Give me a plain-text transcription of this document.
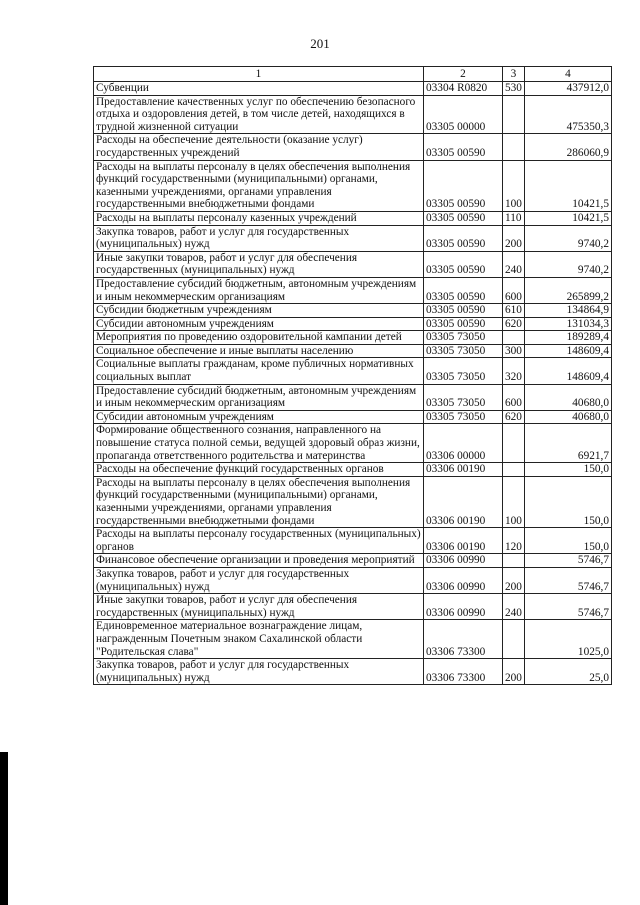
201
1	2	3	4
Субвенции	03304 R0820	530	437912,0
Предоставление качественных услуг по обеспечению безопасного отдыха и оздоровления детей, в том числе детей, находящихся в трудной жизненной ситуации	03305 00000		475350,3
Расходы на обеспечение деятельности (оказание услуг) государственных учреждений	03305 00590		286060,9
Расходы на выплаты персоналу в целях обеспечения выполнения функций государственными (муниципальными) органами, казенными учреждениями, органами управления государственными внебюджетными фондами	03305 00590	100	10421,5
Расходы на выплаты персоналу казенных учреждений	03305 00590	110	10421,5
Закупка товаров, работ и услуг для государственных (муниципальных) нужд	03305 00590	200	9740,2
Иные закупки товаров, работ и услуг для обеспечения государственных (муниципальных) нужд	03305 00590	240	9740,2
Предоставление субсидий бюджетным, автономным учреждениям и иным некоммерческим организациям	03305 00590	600	265899,2
Субсидии бюджетным учреждениям	03305 00590	610	134864,9
Субсидии автономным учреждениям	03305 00590	620	131034,3
Мероприятия по проведению оздоровительной кампании детей	03305 73050		189289,4
Социальное обеспечение и иные выплаты населению	03305 73050	300	148609,4
Социальные выплаты гражданам, кроме публичных нормативных социальных выплат	03305 73050	320	148609,4
Предоставление субсидий бюджетным, автономным учреждениям и иным некоммерческим организациям	03305 73050	600	40680,0
Субсидии автономным учреждениям	03305 73050	620	40680,0
Формирование общественного сознания, направленного на повышение статуса полной семьи, ведущей здоровый образ жизни, пропаганда ответственного родительства и материнства	03306 00000		6921,7
Расходы на обеспечение функций государственных органов	03306 00190		150,0
Расходы на выплаты персоналу в целях обеспечения выполнения функций государственными (муниципальными) органами, казенными учреждениями, органами управления государственными внебюджетными фондами	03306 00190	100	150,0
Расходы на выплаты персоналу государственных (муниципальных) органов	03306 00190	120	150,0
Финансовое обеспечение организации и проведения мероприятий	03306 00990		5746,7
Закупка товаров, работ и услуг для государственных (муниципальных) нужд	03306 00990	200	5746,7
Иные закупки товаров, работ и услуг для обеспечения государственных (муниципальных) нужд	03306 00990	240	5746,7
Единовременное материальное вознаграждение лицам, награжденным Почетным знаком Сахалинской области "Родительская слава"	03306 73300		1025,0
Закупка товаров, работ и услуг для государственных (муниципальных) нужд	03306 73300	200	25,0
